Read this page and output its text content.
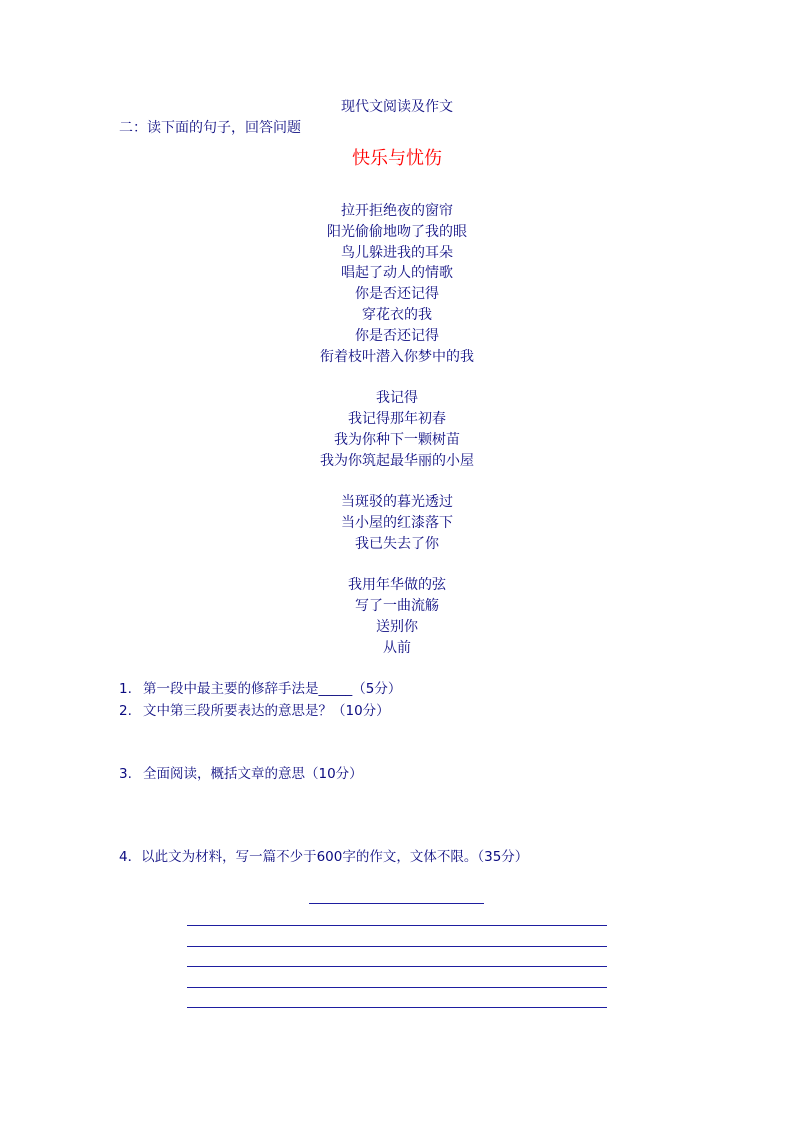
现代文阅读及作文
二：读下面的句子，回答问题
快乐与忧伤
拉开拒绝夜的窗帘
阳光偷偷地吻了我的眼
鸟儿躲进我的耳朵
唱起了动人的情歌
你是否还记得
穿花衣的我
你是否还记得
衔着枝叶潜入你梦中的我
我记得
我记得那年初春
我为你种下一颗树苗
我为你筑起最华丽的小屋
当斑驳的暮光透过
当小屋的红漆落下
我已失去了你
我用年华做的弦
写了一曲流觞
送别你
从前
1. 第一段中最主要的修辞手法是_____（5分）
2. 文中第三段所要表达的意思是？（10分）
3. 全面阅读，概括文章的意思（10分）
4．以此文为材料，写一篇不少于600字的作文，文体不限。（35分）
